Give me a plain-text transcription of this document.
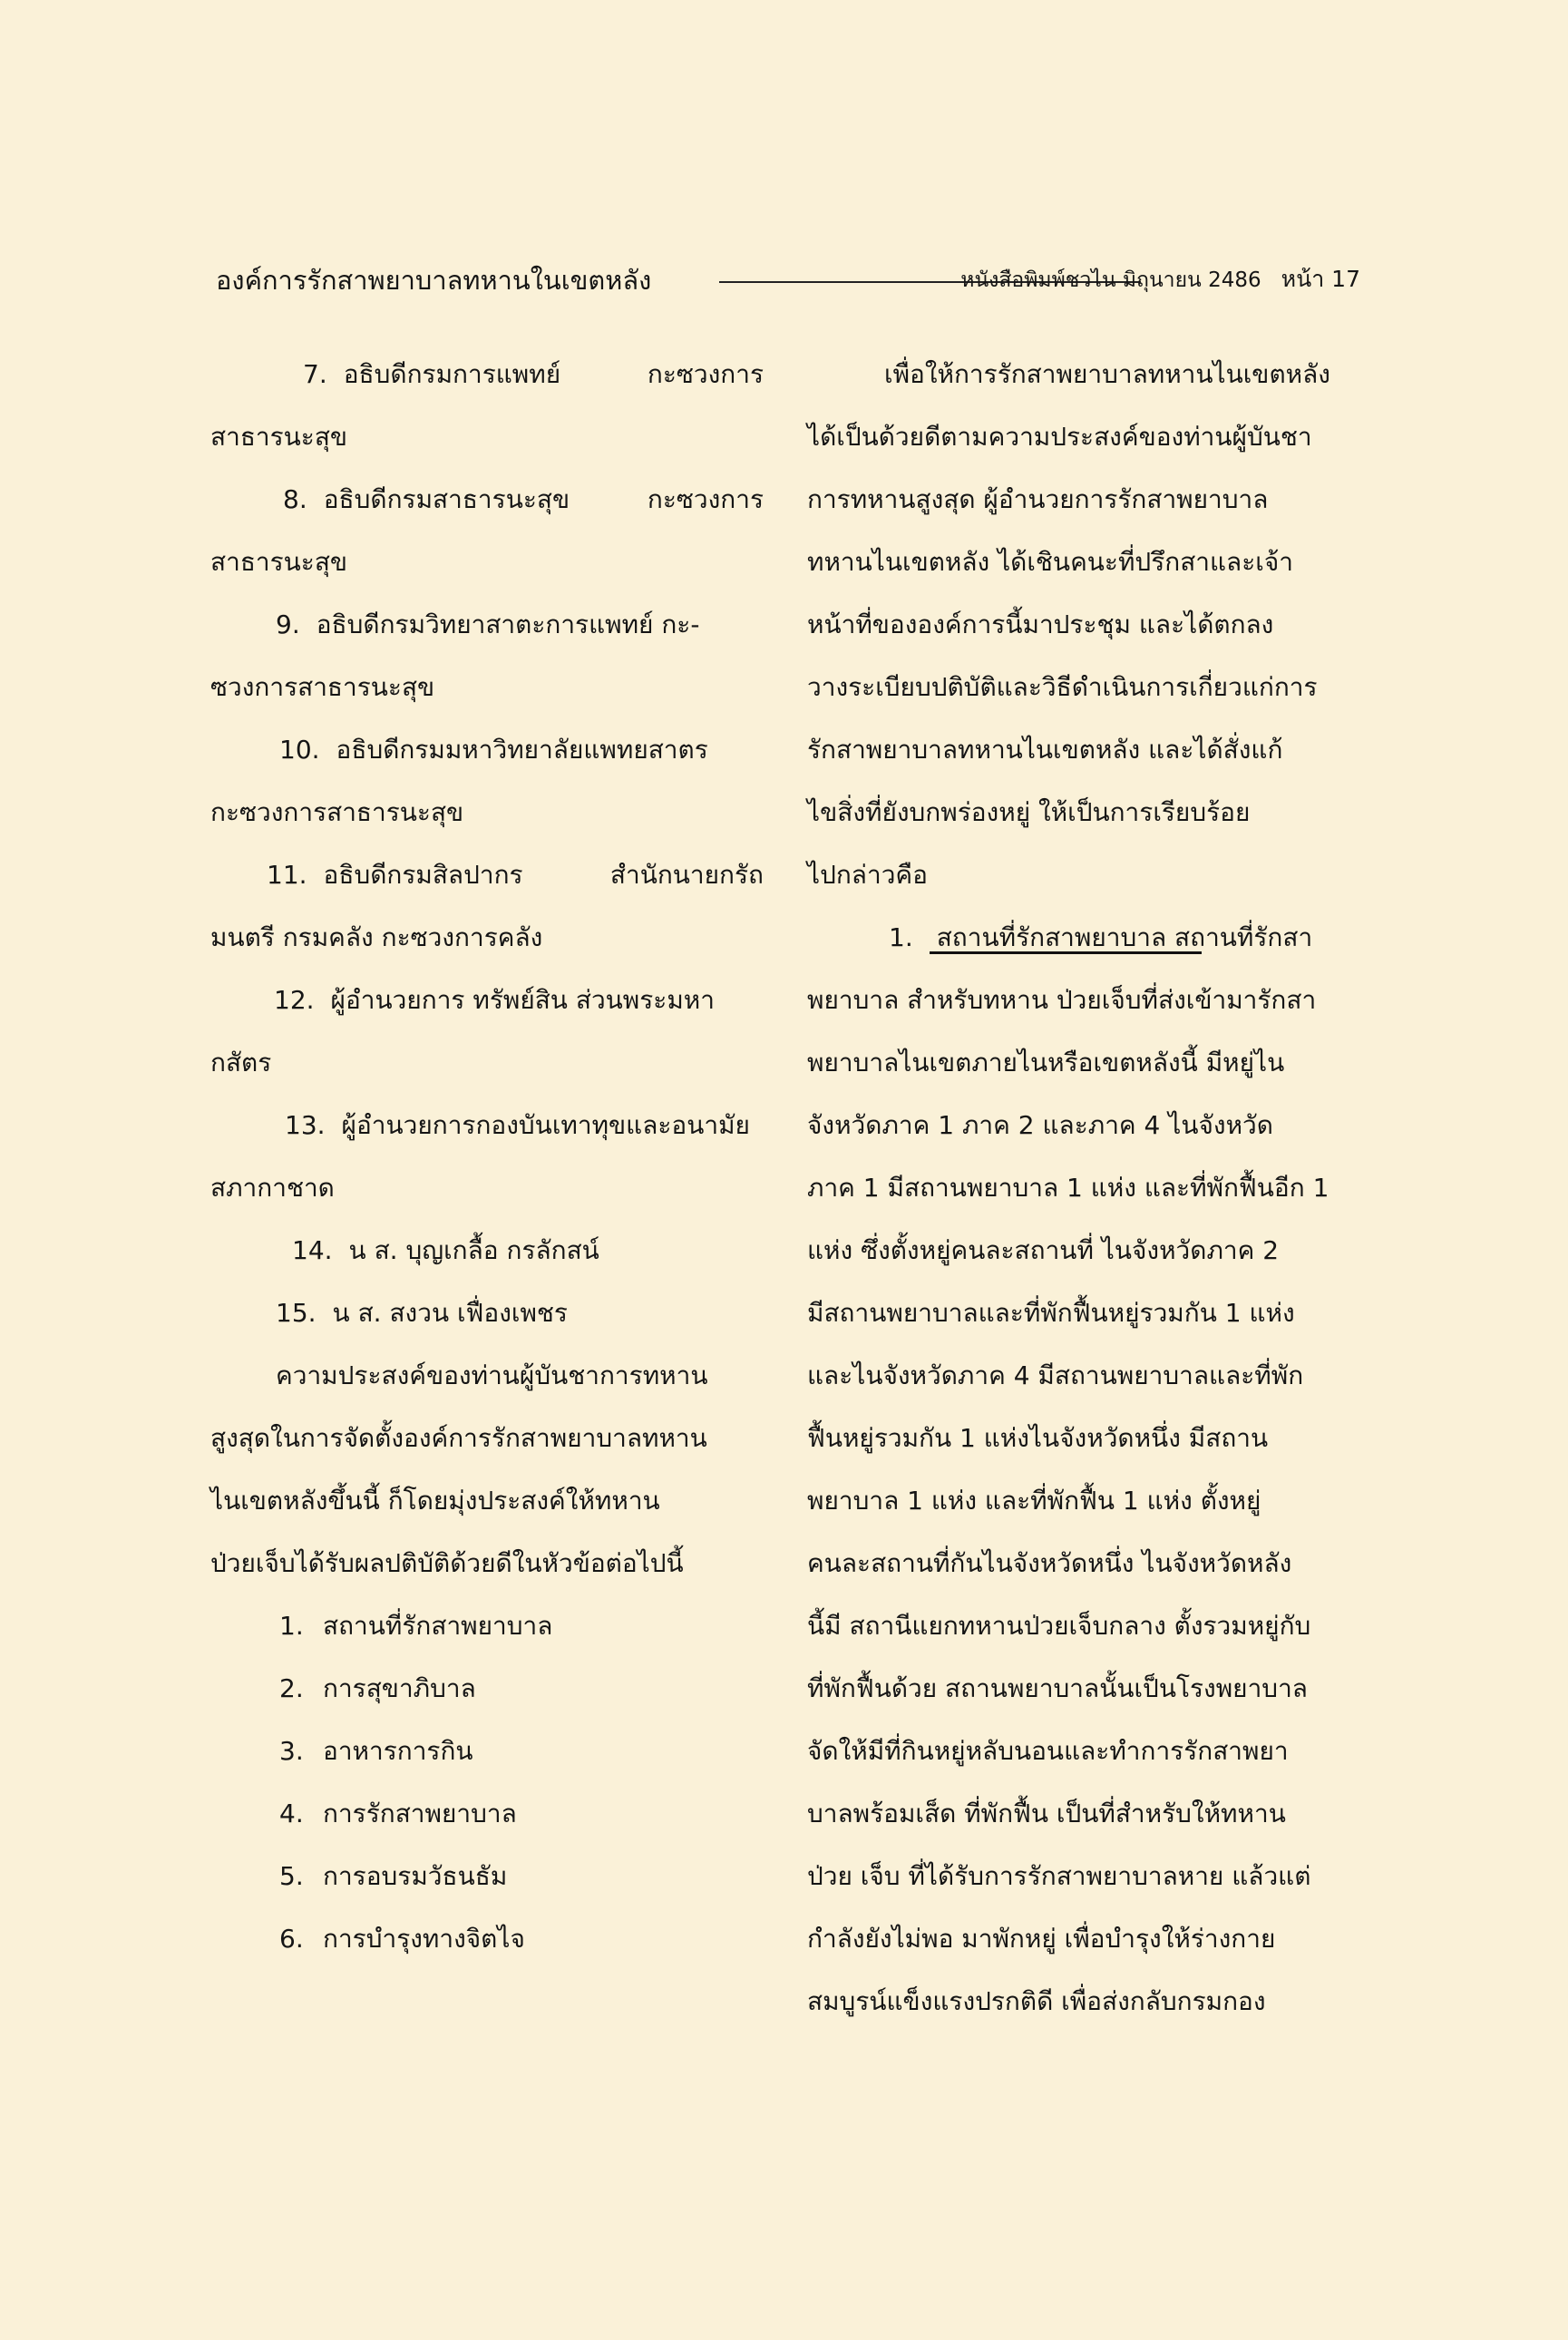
องค์การรักสาพยาบาลทหานในเขตหลัง	หนังสือพิมพ์ชวไน มิถุนายน 2486 หน้า 17
7. อธิบดีกรมการแพทย์	กะซวงการ
สาธารนะสุข
8. อธิบดีกรมสาธารนะสุข	กะซวงการ
สาธารนะสุข
9. อธิบดีกรมวิทยาสาตะการแพทย์ กะ-
ซวงการสาธารนะสุข
10. อธิบดีกรมมหาวิทยาลัยแพทยสาตร
กะซวงการสาธารนะสุข
11. อธิบดีกรมสิลปากร	สำนักนายกรัถ
มนตรี กรมคลัง กะซวงการคลัง
12. ผู้อำนวยการ ทรัพย์สิน ส่วนพระมหา
กสัตร
13. ผู้อำนวยการกองบันเทาทุขและอนามัย
สภากาชาด
14. น ส. บุญเกลื้อ กรลักสน์
15. น ส. สงวน เฟื่องเพชร
ความประสงค์ของท่านผู้บันชาการทหาน
สูงสุดในการจัดตั้งองค์การรักสาพยาบาลทหาน
ไนเขตหลังขึ้นนี้ ก็โดยมุ่งประสงค์ให้ทหาน
ป่วยเจ็บได้รับผลปติบัติด้วยดีในหัวข้อต่อไปนี้
1. สถานที่รักสาพยาบาล
2. การสุขาภิบาล
3. อาหารการกิน
4. การรักสาพยาบาล
5. การอบรมวัธนธัม
6. การบำรุงทางจิตไจ
เพื่อให้การรักสาพยาบาลทหานไนเขตหลัง
ได้เป็นด้วยดีตามความประสงค์ของท่านผู้บันชา
การทหานสูงสุด ผู้อำนวยการรักสาพยาบาล
ทหานไนเขตหลัง ได้เชินคนะที่ปรึกสาและเจ้า
หน้าที่ขององค์การนี้มาประชุม และได้ตกลง
วางระเบียบปติบัติและวิธีดำเนินการเกี่ยวแก่การ
รักสาพยาบาลทหานไนเขตหลัง และได้สั่งแก้
ไขสิ่งที่ยังบกพร่องหยู่ ให้เป็นการเรียบร้อย
ไปกล่าวคือ
1. สถานที่รักสาพยาบาล สถานที่รักสา
พยาบาล สำหรับทหาน ป่วยเจ็บที่ส่งเข้ามารักสา
พยาบาลไนเขตภายไนหรือเขตหลังนี้ มีหยู่ไน
จังหวัดภาค 1 ภาค 2 และภาค 4 ไนจังหวัด
ภาค 1 มีสถานพยาบาล 1 แห่ง และที่พักฟื้นอีก 1
แห่ง ซึ่งตั้งหยู่คนละสถานที่ ไนจังหวัดภาค 2
มีสถานพยาบาลและที่พักฟื้นหยู่รวมกัน 1 แห่ง
และไนจังหวัดภาค 4 มีสถานพยาบาลและที่พัก
ฟื้นหยู่รวมกัน 1 แห่งไนจังหวัดหนึ่ง มีสถาน
พยาบาล 1 แห่ง และที่พักฟื้น 1 แห่ง ตั้งหยู่
คนละสถานที่กันไนจังหวัดหนึ่ง ไนจังหวัดหลัง
นี้มี สถานีแยกทหานป่วยเจ็บกลาง ตั้งรวมหยู่กับ
ที่พักฟื้นด้วย สถานพยาบาลนั้นเป็นโรงพยาบาล
จัดให้มีที่กินหยู่หลับนอนและทำการรักสาพยา
บาลพร้อมเส็ด ที่พักฟื้น เป็นที่สำหรับให้ทหาน
ป่วย เจ็บ ที่ได้รับการรักสาพยาบาลหาย แล้วแต่
กำลังยังไม่พอ มาพักหยู่ เพื่อบำรุงให้ร่างกาย
สมบูรน์แข็งแรงปรกติดี เพื่อส่งกลับกรมกอง
